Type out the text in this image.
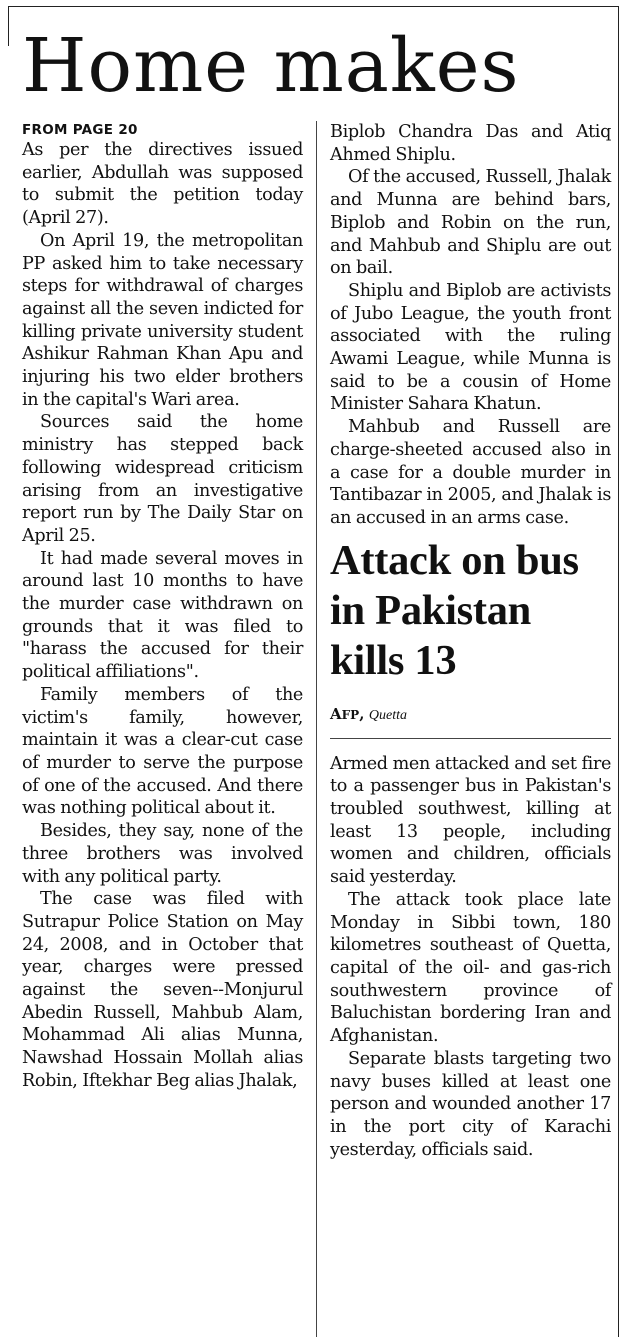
Home makes
FROM PAGE 20

As per the directives issued earlier, Abdullah was supposed to submit the petition today (April 27).

On April 19, the metropolitan PP asked him to take necessary steps for withdrawal of charges against all the seven indicted for killing private university student Ashikur Rahman Khan Apu and injuring his two elder brothers in the capital's Wari area.

Sources said the home ministry has stepped back following widespread criticism arising from an investigative report run by The Daily Star on April 25.

It had made several moves in around last 10 months to have the murder case withdrawn on grounds that it was filed to "harass the accused for their political affiliations".

Family members of the victim's family, however, maintain it was a clear-cut case of murder to serve the purpose of one of the accused. And there was nothing political about it.

Besides, they say, none of the three brothers was involved with any political party.

The case was filed with Sutrapur Police Station on May 24, 2008, and in October that year, charges were pressed against the seven--Monjurul Abedin Russell, Mahbub Alam, Mohammad Ali alias Munna, Nawshad Hossain Mollah alias Robin, Iftekhar Beg alias Jhalak,

Biplob Chandra Das and Atiq Ahmed Shiplu.

Of the accused, Russell, Jhalak and Munna are behind bars, Biplob and Robin on the run, and Mahbub and Shiplu are out on bail.

Shiplu and Biplob are activists of Jubo League, the youth front associated with the ruling Awami League, while Munna is said to be a cousin of Home Minister Sahara Khatun.

Mahbub and Russell are charge-sheeted accused also in a case for a double murder in Tantibazar in 2005, and Jhalak is an accused in an arms case.

Attack on bus in Pakistan kills 13
AFP, Quetta

Armed men attacked and set fire to a passenger bus in Pakistan's troubled southwest, killing at least 13 people, including women and children, officials said yesterday.

The attack took place late Monday in Sibbi town, 180 kilometres southeast of Quetta, capital of the oil- and gas-rich southwestern province of Baluchistan bordering Iran and Afghanistan.

Separate blasts targeting two navy buses killed at least one person and wounded another 17 in the port city of Karachi yesterday, officials said.
